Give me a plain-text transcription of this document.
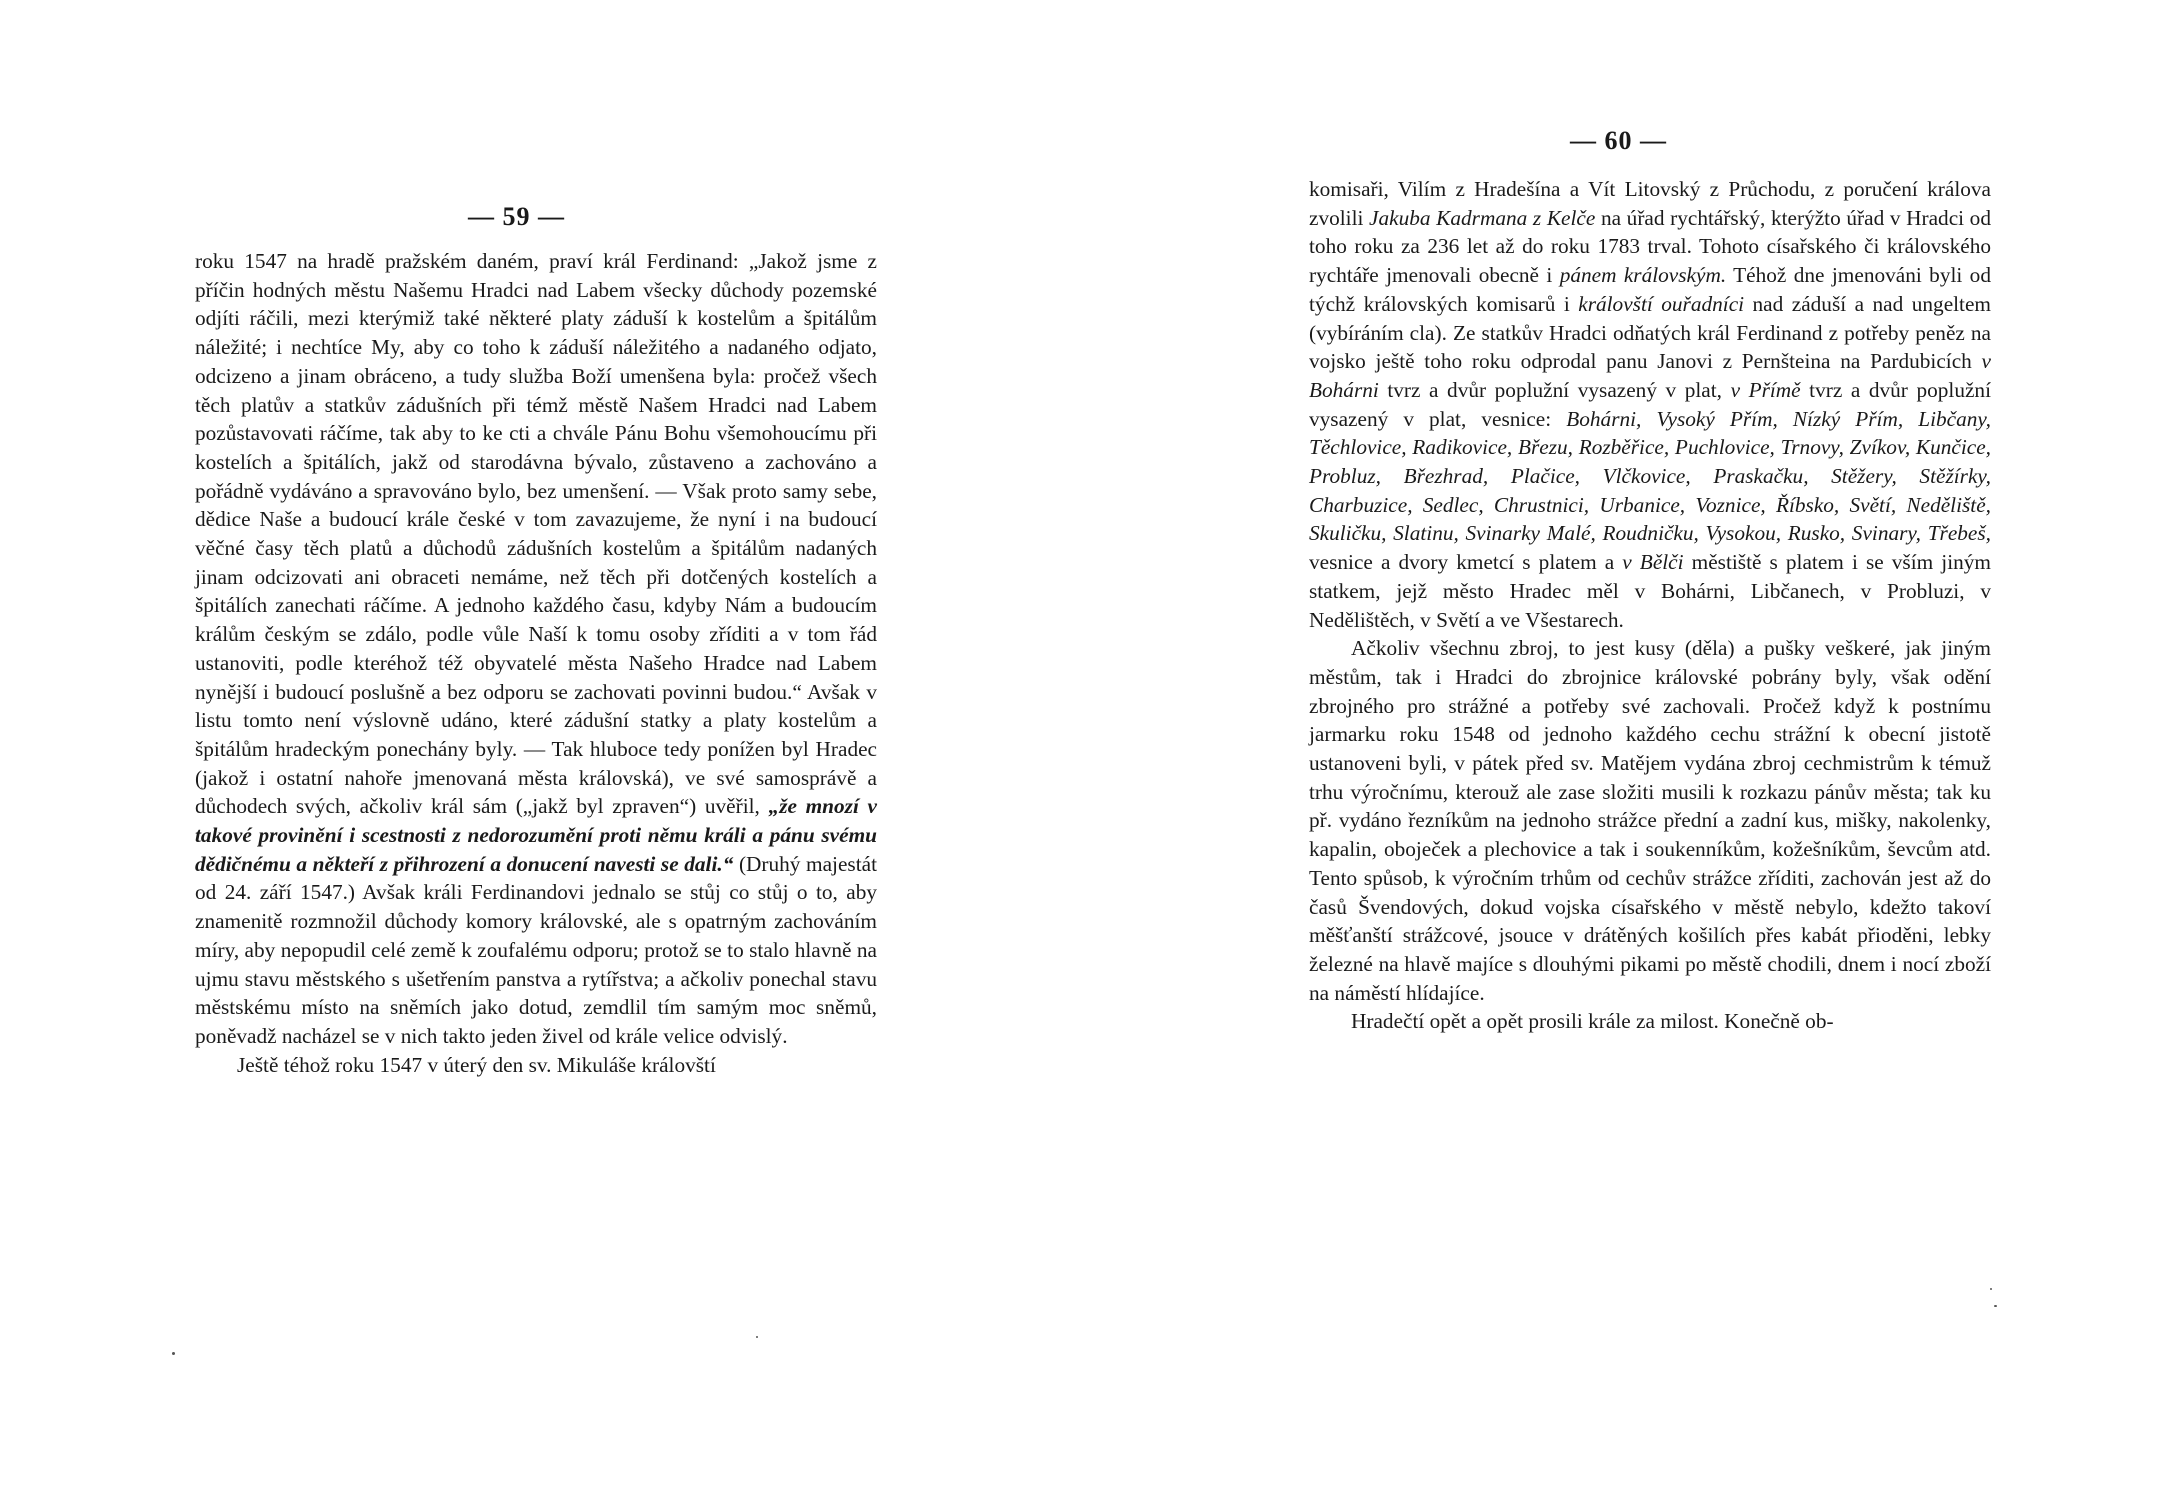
— 59 —

roku 1547 na hradě pražském daném, praví král Ferdinand: „Jakož jsme z příčin hodných městu Našemu Hradci nad Labem všecky důchody pozemské odjíti ráčili, mezi kterýmiž také některé platy záduší k kostelům a špitálům náležité; i nechtíce My, aby co toho k záduší náležitého a nadaného odjato, odcizeno a jinam obráceno, a tudy služba Boží umenšena byla: pročež všech těch platův a statkův zádušních při témž městě Našem Hradci nad Labem pozůstavovati ráčíme, tak aby to ke cti a chvále Pánu Bohu všemohoucímu při kostelích a špitálích, jakž od starodávna bývalo, zůstaveno a zachováno a pořádně vydáváno a spravováno bylo, bez umenšení. — Však proto samy sebe, dědice Naše a budoucí krále české v tom zavazujeme, že nyní i na budoucí věčné časy těch platů a důchodů zádušních kostelům a špitálům nadaných jinam odcizovati ani obraceti nemáme, než těch při dotčených kostelích a špitálích zanechati ráčíme. A jednoho každého času, kdyby Nám a budoucím králům českým se zdálo, podle vůle Naší k tomu osoby zříditi a v tom řád ustanoviti, podle kteréhož též obyvatelé města Našeho Hradce nad Labem nynější i budoucí poslušně a bez odporu se zachovati povinni budou.“ Avšak v listu tomto není výslovně udáno, které zádušní statky a platy kostelům a špitálům hradeckým ponechány byly. — Tak hluboce tedy ponížen byl Hradec (jakož i ostatní nahoře jmenovaná města královská), ve své samosprávě a důchodech svých, ačkoliv král sám („jakž byl zpraven“) uvěřil, „že mnozí v takové provinění i scestnosti z nedorozumění proti němu králi a pánu svému dědičnému a někteří z přihrození a donucení navesti se dali.“ (Druhý majestát od 24. září 1547.) Avšak králi Ferdinandovi jednalo se stůj co stůj o to, aby znamenitě rozmnožil důchody komory královské, ale s opatrným zachováním míry, aby nepopudil celé země k zoufalému odporu; protož se to stalo hlavně na ujmu stavu městského s ušetřením panstva a rytířstva; a ačkoliv ponechal stavu městskému místo na sněmích jako dotud, zemdlil tím samým moc sněmů, poněvadž nacházel se v nich takto jeden živel od krále velice odvislý.

Ještě téhož roku 1547 v úterý den sv. Mikuláše královští

— 60 —

komisaři, Vilím z Hradešína a Vít Litovský z Průchodu, z poručení králova zvolili Jakuba Kadrmana z Kelče na úřad rychtářský, kterýžto úřad v Hradci od toho roku za 236 let až do roku 1783 trval. Tohoto císařského či královského rychtáře jmenovali obecně i pánem královským. Téhož dne jmenováni byli od týchž královských komisarů i královští ouřadníci nad záduší a nad ungeltem (vybíráním cla). Ze statkův Hradci odňatých král Ferdinand z potřeby peněz na vojsko ještě toho roku odprodal panu Janovi z Pernšteina na Pardubicích v Bohárni tvrz a dvůr poplužní vysazený v plat, v Přímě tvrz a dvůr poplužní vysazený v plat, vesnice: Bohárni, Vysoký Přím, Nízký Přím, Libčany, Těchlovice, Radikovice, Březu, Rozběřice, Puchlovice, Trnovy, Zvíkov, Kunčice, Probluz, Březhrad, Plačice, Vlčkovice, Praskačku, Stěžery, Stěžírky, Charbuzice, Sedlec, Chrustnici, Urbanice, Voznice, Říbsko, Světí, Neděliště, Skuličku, Slatinu, Svinarky Malé, Roudničku, Vysokou, Rusko, Svinary, Třebeš, vesnice a dvory kmetcí s platem a v Bělči městiště s platem i se vším jiným statkem, jejž město Hradec měl v Bohárni, Libčanech, v Probluzi, v Nedělištěch, v Světí a ve Všestarech.

Ačkoliv všechnu zbroj, to jest kusy (děla) a pušky veškeré, jak jiným městům, tak i Hradci do zbrojnice královské pobrány byly, však odění zbrojného pro strážné a potřeby své zachovali. Pročež když k postnímu jarmarku roku 1548 od jednoho každého cechu strážní k obecní jistotě ustanoveni byli, v pátek před sv. Matějem vydána zbroj cechmistrům k témuž trhu výročnímu, kterouž ale zase složiti musili k rozkazu pánův města; tak ku př. vydáno řezníkům na jednoho strážce přední a zadní kus, mišky, nakolenky, kapalin, oboječek a plechovice a tak i soukenníkům, kožešníkům, ševcům atd. Tento spůsob, k výročním trhům od cechův strážce zříditi, zachován jest až do časů Švendových, dokud vojska císařského v městě nebylo, kdežto takoví měšťanští strážcové, jsouce v drátěných košilích přes kabát přioděni, lebky železné na hlavě majíce s dlouhými pikami po městě chodili, dnem i nocí zboží na náměstí hlídajíce.

Hradečtí opět a opět prosili krále za milost. Konečně ob-
